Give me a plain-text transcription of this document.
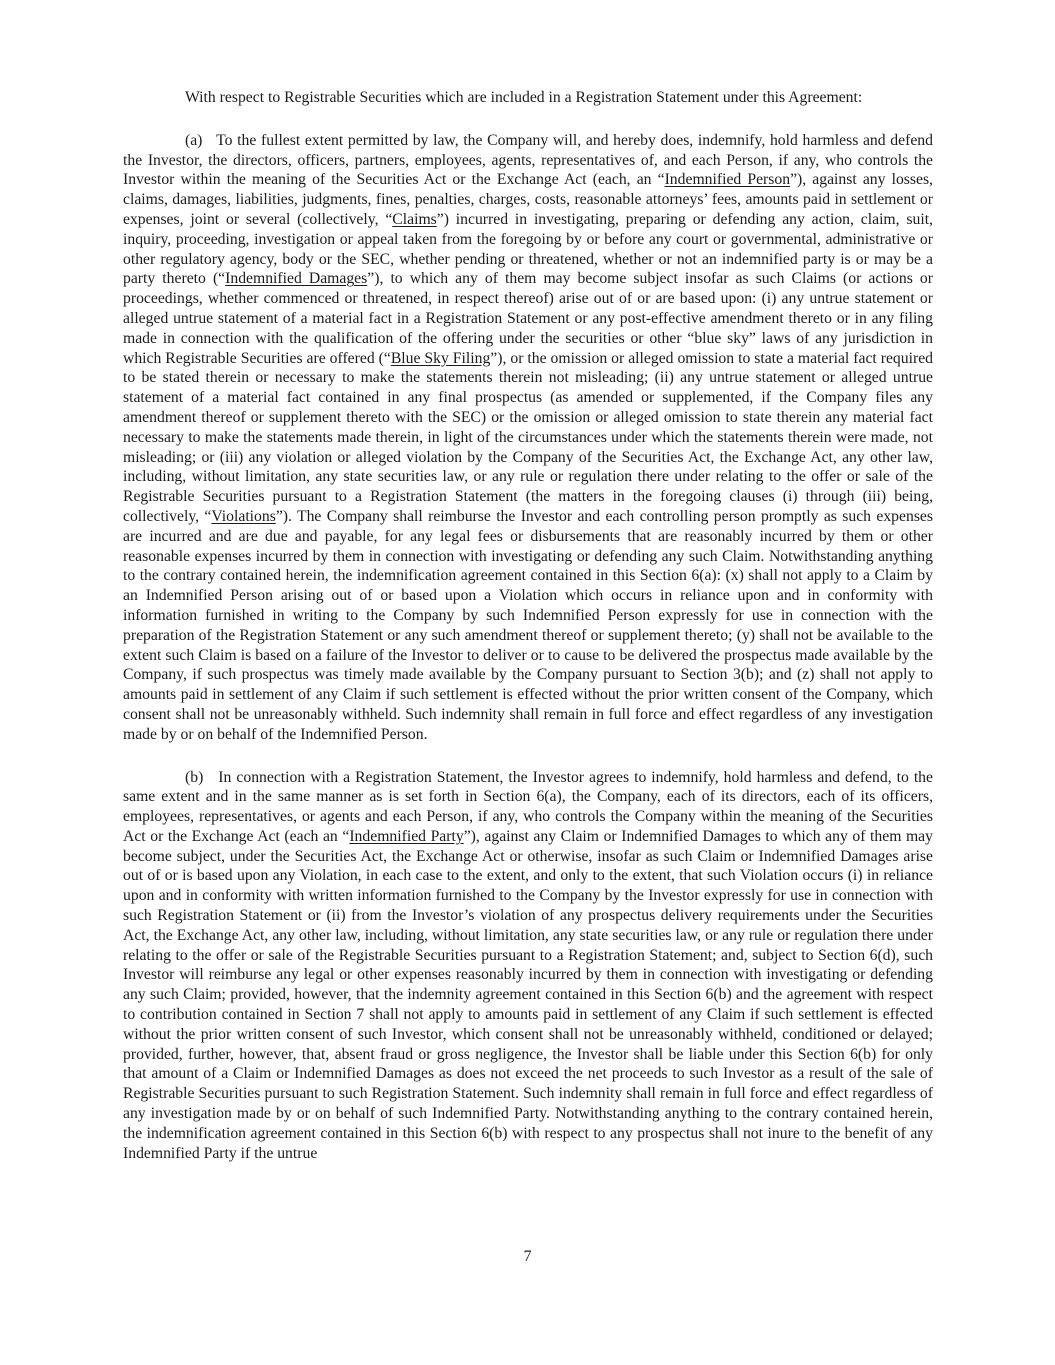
With respect to Registrable Securities which are included in a Registration Statement under this Agreement:

(a)   To the fullest extent permitted by law, the Company will, and hereby does, indemnify, hold harmless and defend the Investor, the directors, officers, partners, employees, agents, representatives of, and each Person, if any, who controls the Investor within the meaning of the Securities Act or the Exchange Act (each, an “Indemnified Person”), against any losses, claims, damages, liabilities, judgments, fines, penalties, charges, costs, reasonable attorneys’ fees, amounts paid in settlement or expenses, joint or several (collectively, “Claims”) incurred in investigating, preparing or defending any action, claim, suit, inquiry, proceeding, investigation or appeal taken from the foregoing by or before any court or governmental, administrative or other regulatory agency, body or the SEC, whether pending or threatened, whether or not an indemnified party is or may be a party thereto (“Indemnified Damages”), to which any of them may become subject insofar as such Claims (or actions or proceedings, whether commenced or threatened, in respect thereof) arise out of or are based upon: (i) any untrue statement or alleged untrue statement of a material fact in a Registration Statement or any post-effective amendment thereto or in any filing made in connection with the qualification of the offering under the securities or other “blue sky” laws of any jurisdiction in which Registrable Securities are offered (“Blue Sky Filing”), or the omission or alleged omission to state a material fact required to be stated therein or necessary to make the statements therein not misleading; (ii) any untrue statement or alleged untrue statement of a material fact contained in any final prospectus (as amended or supplemented, if the Company files any amendment thereof or supplement thereto with the SEC) or the omission or alleged omission to state therein any material fact necessary to make the statements made therein, in light of the circumstances under which the statements therein were made, not misleading; or (iii) any violation or alleged violation by the Company of the Securities Act, the Exchange Act, any other law, including, without limitation, any state securities law, or any rule or regulation there under relating to the offer or sale of the Registrable Securities pursuant to a Registration Statement (the matters in the foregoing clauses (i) through (iii) being, collectively, “Violations”). The Company shall reimburse the Investor and each controlling person promptly as such expenses are incurred and are due and payable, for any legal fees or disbursements that are reasonably incurred by them or other reasonable expenses incurred by them in connection with investigating or defending any such Claim. Notwithstanding anything to the contrary contained herein, the indemnification agreement contained in this Section 6(a): (x) shall not apply to a Claim by an Indemnified Person arising out of or based upon a Violation which occurs in reliance upon and in conformity with information furnished in writing to the Company by such Indemnified Person expressly for use in connection with the preparation of the Registration Statement or any such amendment thereof or supplement thereto; (y) shall not be available to the extent such Claim is based on a failure of the Investor to deliver or to cause to be delivered the prospectus made available by the Company, if such prospectus was timely made available by the Company pursuant to Section 3(b); and (z) shall not apply to amounts paid in settlement of any Claim if such settlement is effected without the prior written consent of the Company, which consent shall not be unreasonably withheld. Such indemnity shall remain in full force and effect regardless of any investigation made by or on behalf of the Indemnified Person.

(b)   In connection with a Registration Statement, the Investor agrees to indemnify, hold harmless and defend, to the same extent and in the same manner as is set forth in Section 6(a), the Company, each of its directors, each of its officers, employees, representatives, or agents and each Person, if any, who controls the Company within the meaning of the Securities Act or the Exchange Act (each an “Indemnified Party”), against any Claim or Indemnified Damages to which any of them may become subject, under the Securities Act, the Exchange Act or otherwise, insofar as such Claim or Indemnified Damages arise out of or is based upon any Violation, in each case to the extent, and only to the extent, that such Violation occurs (i) in reliance upon and in conformity with written information furnished to the Company by the Investor expressly for use in connection with such Registration Statement or (ii) from the Investor’s violation of any prospectus delivery requirements under the Securities Act, the Exchange Act, any other law, including, without limitation, any state securities law, or any rule or regulation there under relating to the offer or sale of the Registrable Securities pursuant to a Registration Statement; and, subject to Section 6(d), such Investor will reimburse any legal or other expenses reasonably incurred by them in connection with investigating or defending any such Claim; provided, however, that the indemnity agreement contained in this Section 6(b) and the agreement with respect to contribution contained in Section 7 shall not apply to amounts paid in settlement of any Claim if such settlement is effected without the prior written consent of such Investor, which consent shall not be unreasonably withheld, conditioned or delayed; provided, further, however, that, absent fraud or gross negligence, the Investor shall be liable under this Section 6(b) for only that amount of a Claim or Indemnified Damages as does not exceed the net proceeds to such Investor as a result of the sale of Registrable Securities pursuant to such Registration Statement. Such indemnity shall remain in full force and effect regardless of any investigation made by or on behalf of such Indemnified Party. Notwithstanding anything to the contrary contained herein, the indemnification agreement contained in this Section 6(b) with respect to any prospectus shall not inure to the benefit of any Indemnified Party if the untrue

7
